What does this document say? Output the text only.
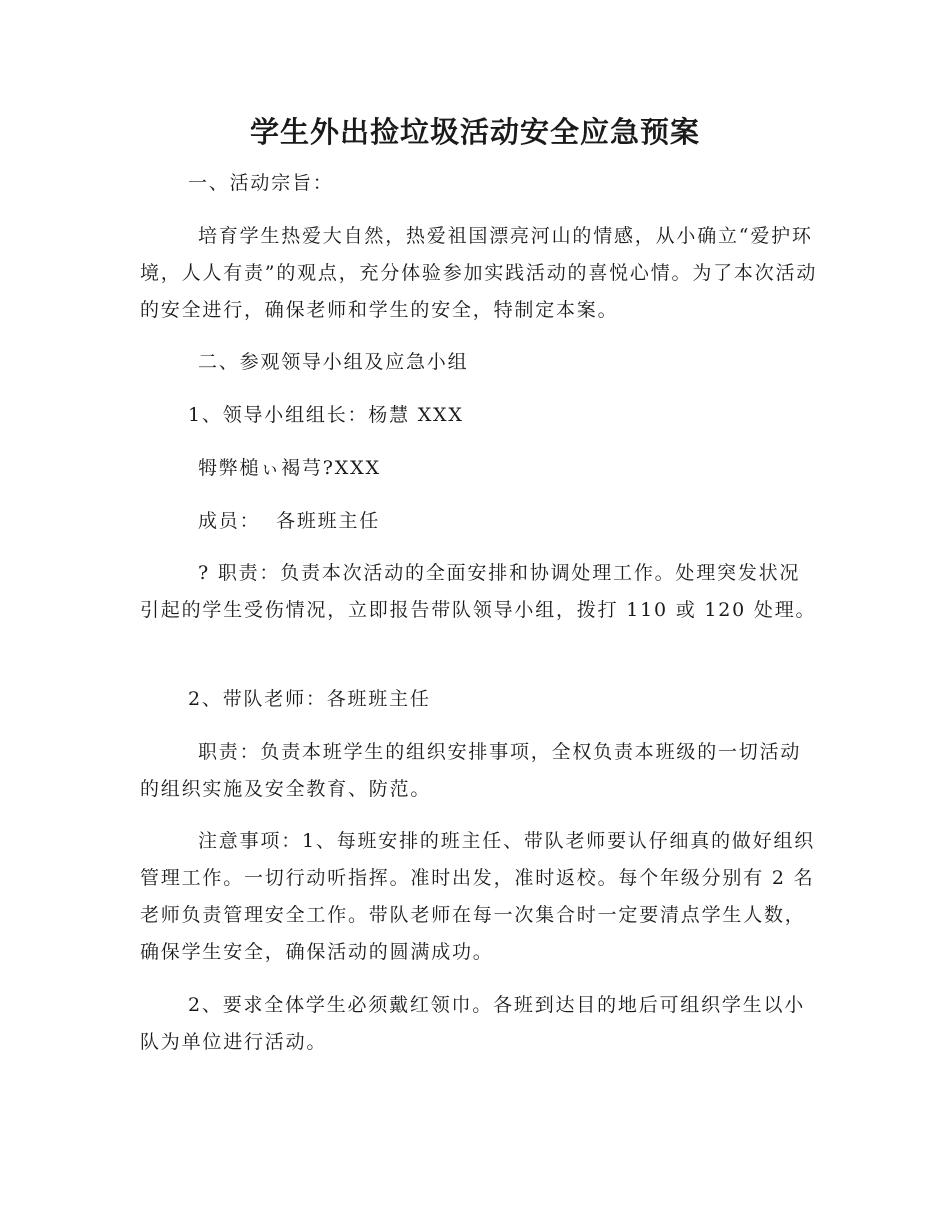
学生外出捡垃圾活动安全应急预案
一、活动宗旨：
培育学生热爱大自然，热爱祖国漂亮河山的情感，从小确立“爱护环境，人人有责”的观点，充分体验参加实践活动的喜悦心情。为了本次活动的安全进行，确保老师和学生的安全，特制定本案。
二、参观领导小组及应急小组
1、领导小组组长：杨慧 XXX
牳弊槌ぃ褐芎?XXX
成员：  各班班主任
? 职责：负责本次活动的全面安排和协调处理工作。处理突发状况引起的学生受伤情况，立即报告带队领导小组，拨打 110 或 120 处理。
2、带队老师：各班班主任
职责：负责本班学生的组织安排事项，全权负责本班级的一切活动的组织实施及安全教育、防范。
注意事项：1、每班安排的班主任、带队老师要认仔细真的做好组织管理工作。一切行动听指挥。准时出发，准时返校。每个年级分别有 2 名老师负责管理安全工作。带队老师在每一次集合时一定要清点学生人数，确保学生安全，确保活动的圆满成功。
2、要求全体学生必须戴红领巾。各班到达目的地后可组织学生以小队为单位进行活动。
